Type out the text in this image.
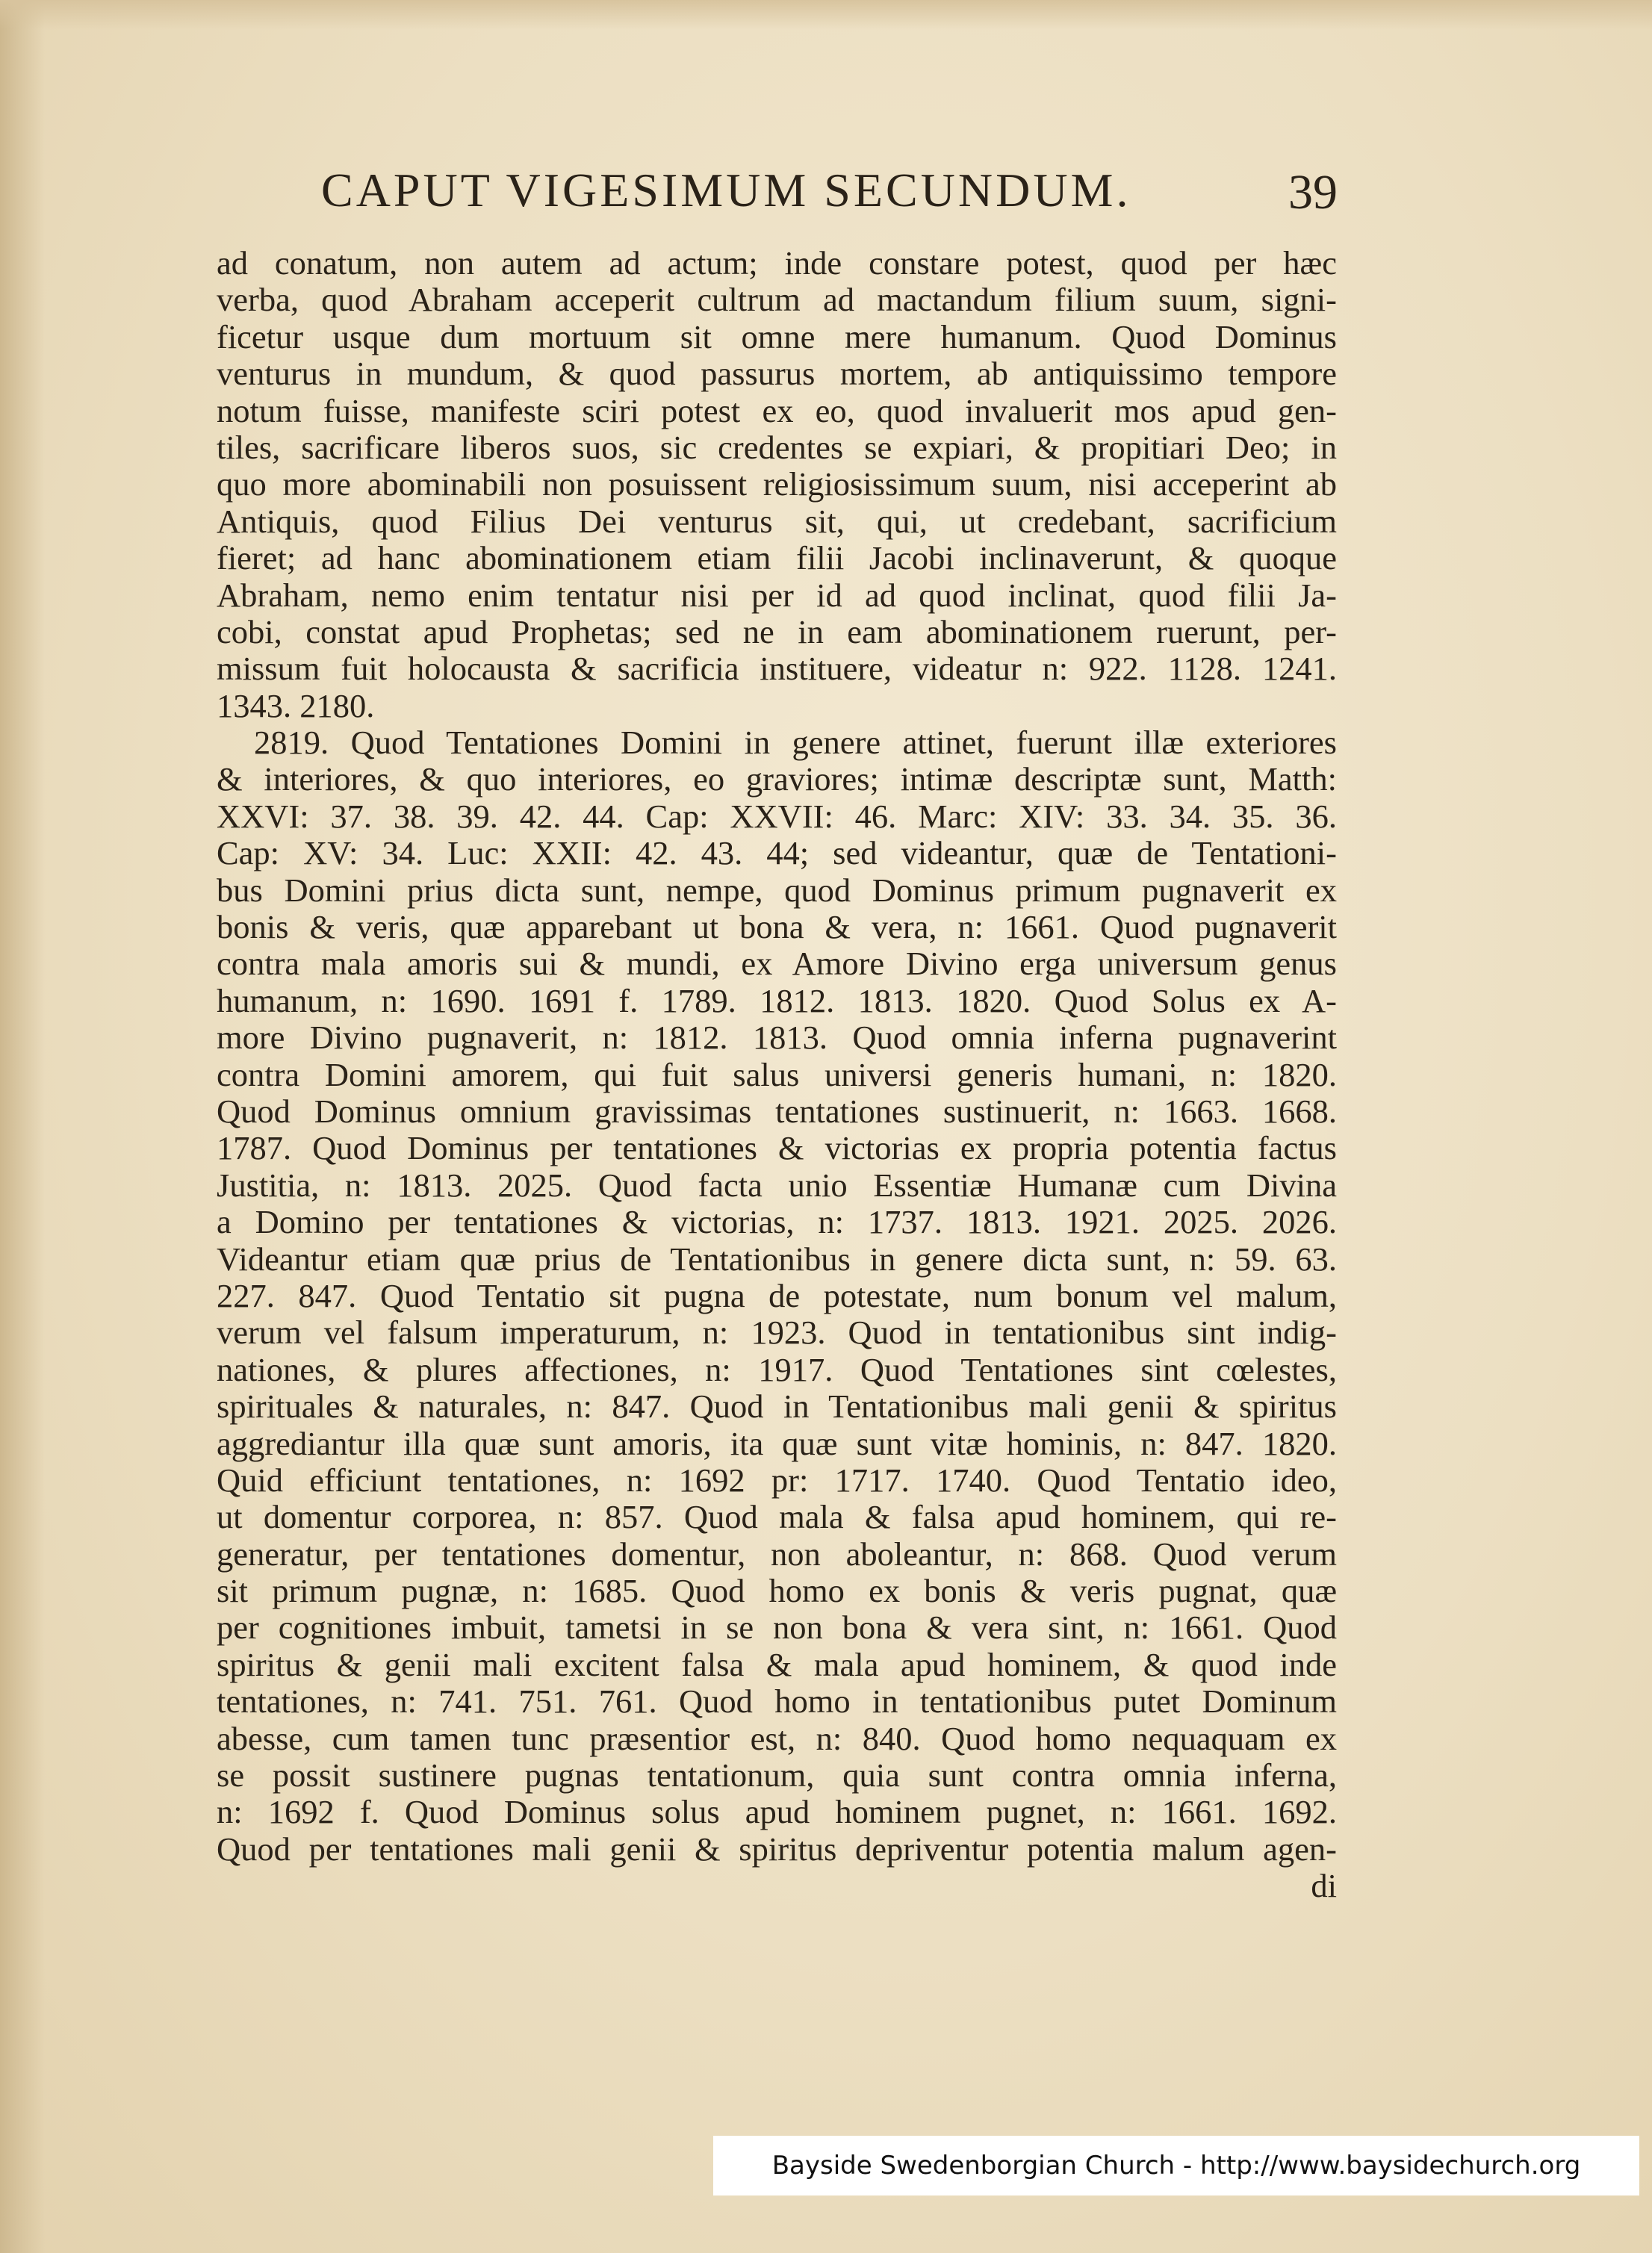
CAPUT VIGESIMUM SECUNDUM.	39
ad conatum, non autem ad actum; inde constare potest, quod per hæc
verba, quod Abraham acceperit cultrum ad mactandum filium suum, signi-
ficetur usque dum mortuum sit omne mere humanum. Quod Dominus
venturus in mundum, & quod passurus mortem, ab antiquissimo tempore
notum fuisse, manifeste sciri potest ex eo, quod invaluerit mos apud gen-
tiles, sacrificare liberos suos, sic credentes se expiari, & propitiari Deo; in
quo more abominabili non posuissent religiosissimum suum, nisi acceperint ab
Antiquis, quod Filius Dei venturus sit, qui, ut credebant, sacrificium
fieret; ad hanc abominationem etiam filii Jacobi inclinaverunt, & quoque
Abraham, nemo enim tentatur nisi per id ad quod inclinat, quod filii Ja-
cobi, constat apud Prophetas; sed ne in eam abominationem ruerunt, per-
missum fuit holocausta & sacrificia instituere, videatur n: 922. 1128. 1241.
1343. 2180.
2819. Quod Tentationes Domini in genere attinet, fuerunt illæ exteriores
& interiores, & quo interiores, eo graviores; intimæ descriptæ sunt, Matth:
XXVI: 37. 38. 39. 42. 44. Cap: XXVII: 46. Marc: XIV: 33. 34. 35. 36.
Cap: XV: 34. Luc: XXII: 42. 43. 44; sed videantur, quæ de Tentationi-
bus Domini prius dicta sunt, nempe, quod Dominus primum pugnaverit ex
bonis & veris, quæ apparebant ut bona & vera, n: 1661. Quod pugnaverit
contra mala amoris sui & mundi, ex Amore Divino erga universum genus
humanum, n: 1690. 1691 f. 1789. 1812. 1813. 1820. Quod Solus ex A-
more Divino pugnaverit, n: 1812. 1813. Quod omnia inferna pugnaverint
contra Domini amorem, qui fuit salus universi generis humani, n: 1820.
Quod Dominus omnium gravissimas tentationes sustinuerit, n: 1663. 1668.
1787. Quod Dominus per tentationes & victorias ex propria potentia factus
Justitia, n: 1813. 2025. Quod facta unio Essentiæ Humanæ cum Divina
a Domino per tentationes & victorias, n: 1737. 1813. 1921. 2025. 2026.
Videantur etiam quæ prius de Tentationibus in genere dicta sunt, n: 59. 63.
227. 847. Quod Tentatio sit pugna de potestate, num bonum vel malum,
verum vel falsum imperaturum, n: 1923. Quod in tentationibus sint indig-
nationes, & plures affectiones, n: 1917. Quod Tentationes sint cœlestes,
spirituales & naturales, n: 847. Quod in Tentationibus mali genii & spiritus
aggrediantur illa quæ sunt amoris, ita quæ sunt vitæ hominis, n: 847. 1820.
Quid efficiunt tentationes, n: 1692 pr: 1717. 1740. Quod Tentatio ideo,
ut domentur corporea, n: 857. Quod mala & falsa apud hominem, qui re-
generatur, per tentationes domentur, non aboleantur, n: 868. Quod verum
sit primum pugnæ, n: 1685. Quod homo ex bonis & veris pugnat, quæ
per cognitiones imbuit, tametsi in se non bona & vera sint, n: 1661. Quod
spiritus & genii mali excitent falsa & mala apud hominem, & quod inde
tentationes, n: 741. 751. 761. Quod homo in tentationibus putet Dominum
abesse, cum tamen tunc præsentior est, n: 840. Quod homo nequaquam ex
se possit sustinere pugnas tentationum, quia sunt contra omnia inferna,
n: 1692 f. Quod Dominus solus apud hominem pugnet, n: 1661. 1692.
Quod per tentationes mali genii & spiritus depriventur potentia malum agen-
di
Bayside Swedenborgian Church - http://www.baysidechurch.org
